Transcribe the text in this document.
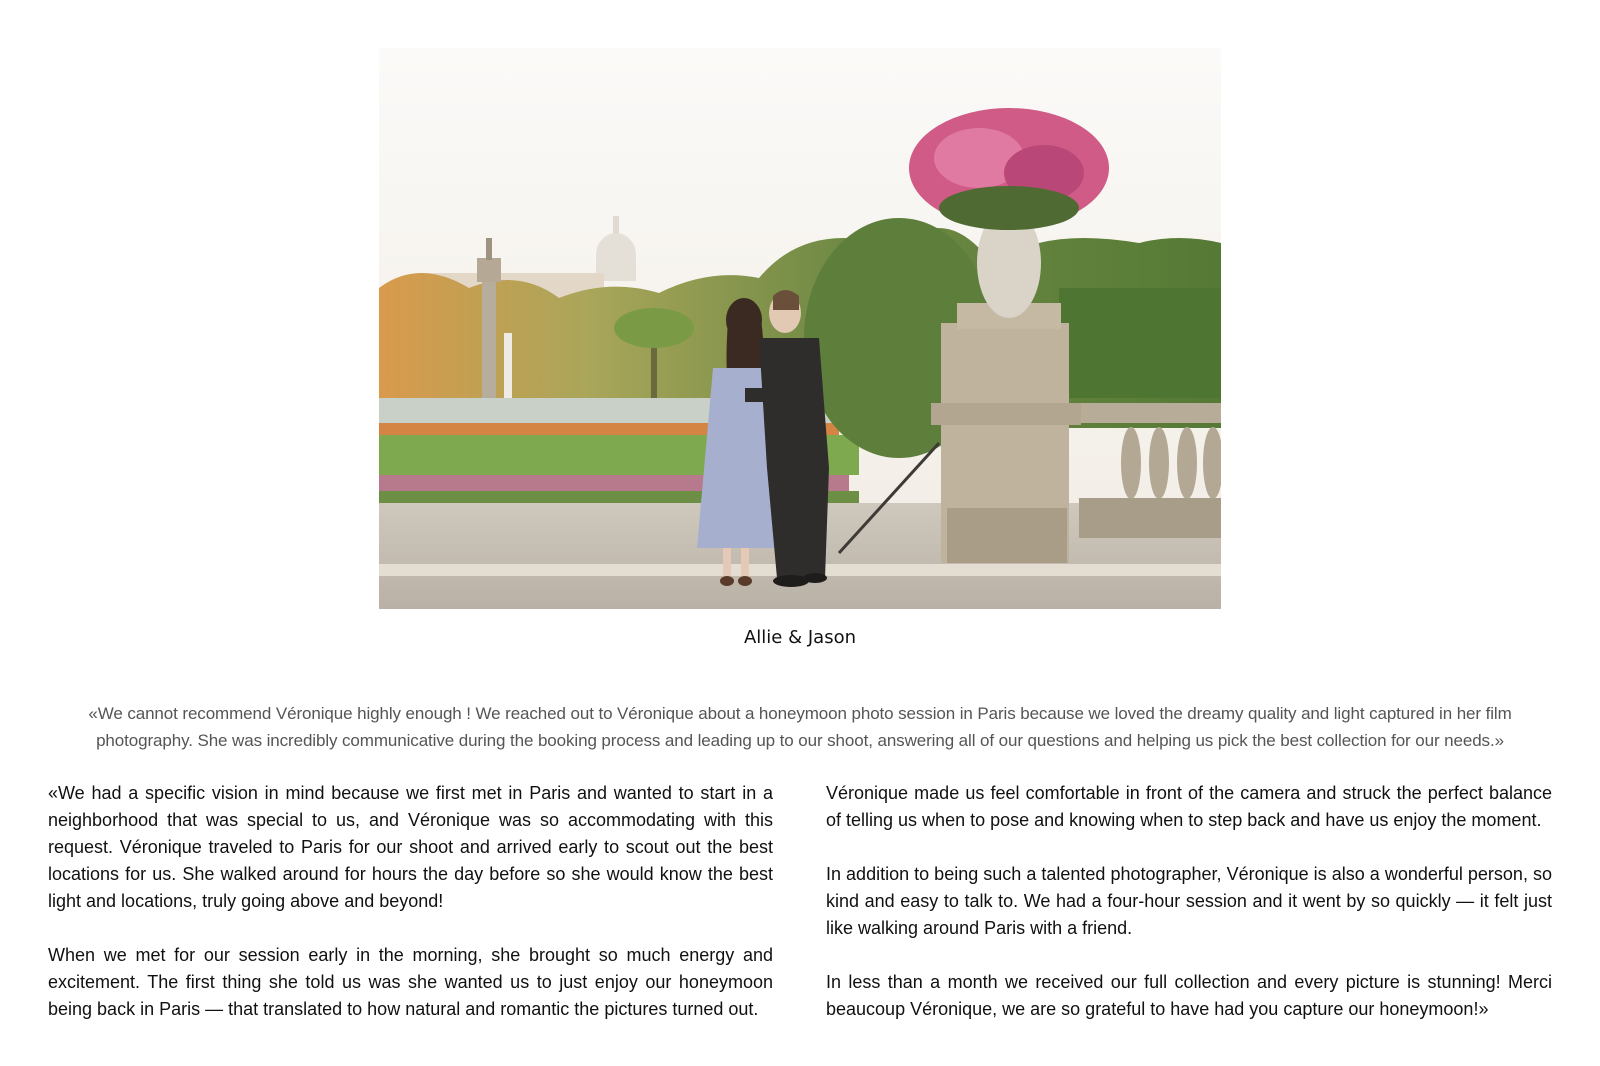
Allie & Jason
«We cannot recommend Véronique highly enough ! We reached out to Véronique about a honeymoon photo session in Paris because we loved the dreamy quality and light captured in her film photography. She was incredibly communicative during the booking process and leading up to our shoot, answering all of our questions and helping us pick the best collection for our needs.»

«We had a specific vision in mind because we first met in Paris and wanted to start in a neighborhood that was special to us, and Véronique was so accommodating with this request. Véronique traveled to Paris for our shoot and arrived early to scout out the best locations for us. She walked around for hours the day before so she would know the best light and locations, truly going above and beyond!

When we met for our session early in the morning, she brought so much energy and excitement. The first thing she told us was she wanted us to just enjoy our honeymoon being back in Paris — that translated to how natural and romantic the pictures turned out.

Véronique made us feel comfortable in front of the camera and struck the perfect balance of telling us when to pose and knowing when to step back and have us enjoy the moment.

In addition to being such a talented photographer, Véronique is also a wonderful person, so kind and easy to talk to. We had a four-hour session and it went by so quickly — it felt just like walking around Paris with a friend.

In less than a month we received our full collection and every picture is stunning! Merci beaucoup Véronique, we are so grateful to have had you capture our honeymoon!»
